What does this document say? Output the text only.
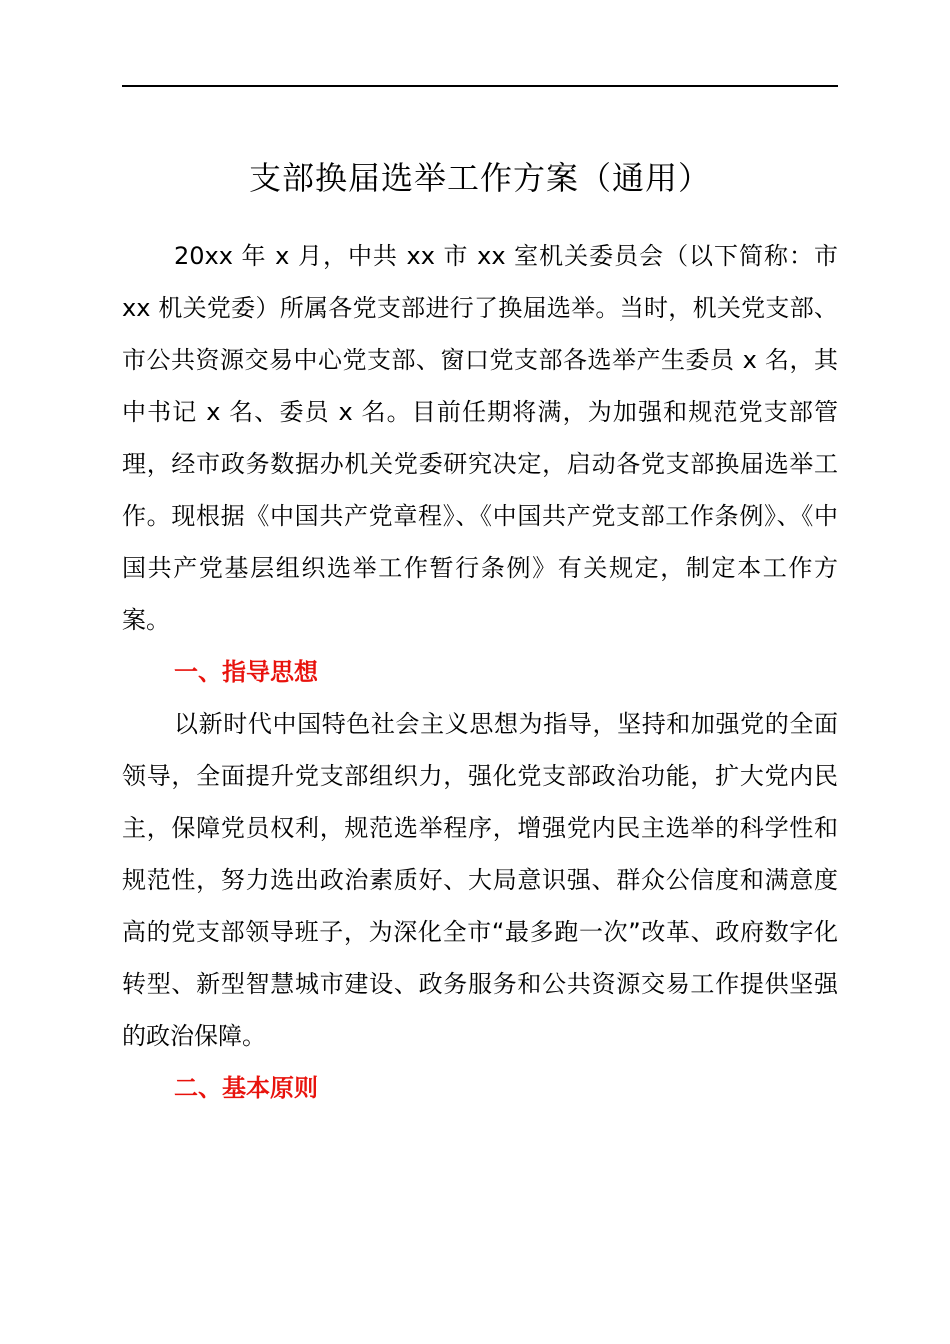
支部换届选举工作方案（通用）

20xx 年 x 月，中共 xx 市 xx 室机关委员会（以下简称：市 xx 机关党委）所属各党支部进行了换届选举。当时，机关党支部、市公共资源交易中心党支部、窗口党支部各选举产生委员 x 名，其中书记 x 名、委员 x 名。目前任期将满，为加强和规范党支部管理，经市政务数据办机关党委研究决定，启动各党支部换届选举工作。现根据《中国共产党章程》、《中国共产党支部工作条例》、《中国共产党基层组织选举工作暂行条例》有关规定，制定本工作方案。

一、指导思想

以新时代中国特色社会主义思想为指导，坚持和加强党的全面领导，全面提升党支部组织力，强化党支部政治功能，扩大党内民主，保障党员权利，规范选举程序，增强党内民主选举的科学性和规范性，努力选出政治素质好、大局意识强、群众公信度和满意度高的党支部领导班子，为深化全市“最多跑一次”改革、政府数字化转型、新型智慧城市建设、政务服务和公共资源交易工作提供坚强的政治保障。

二、基本原则
